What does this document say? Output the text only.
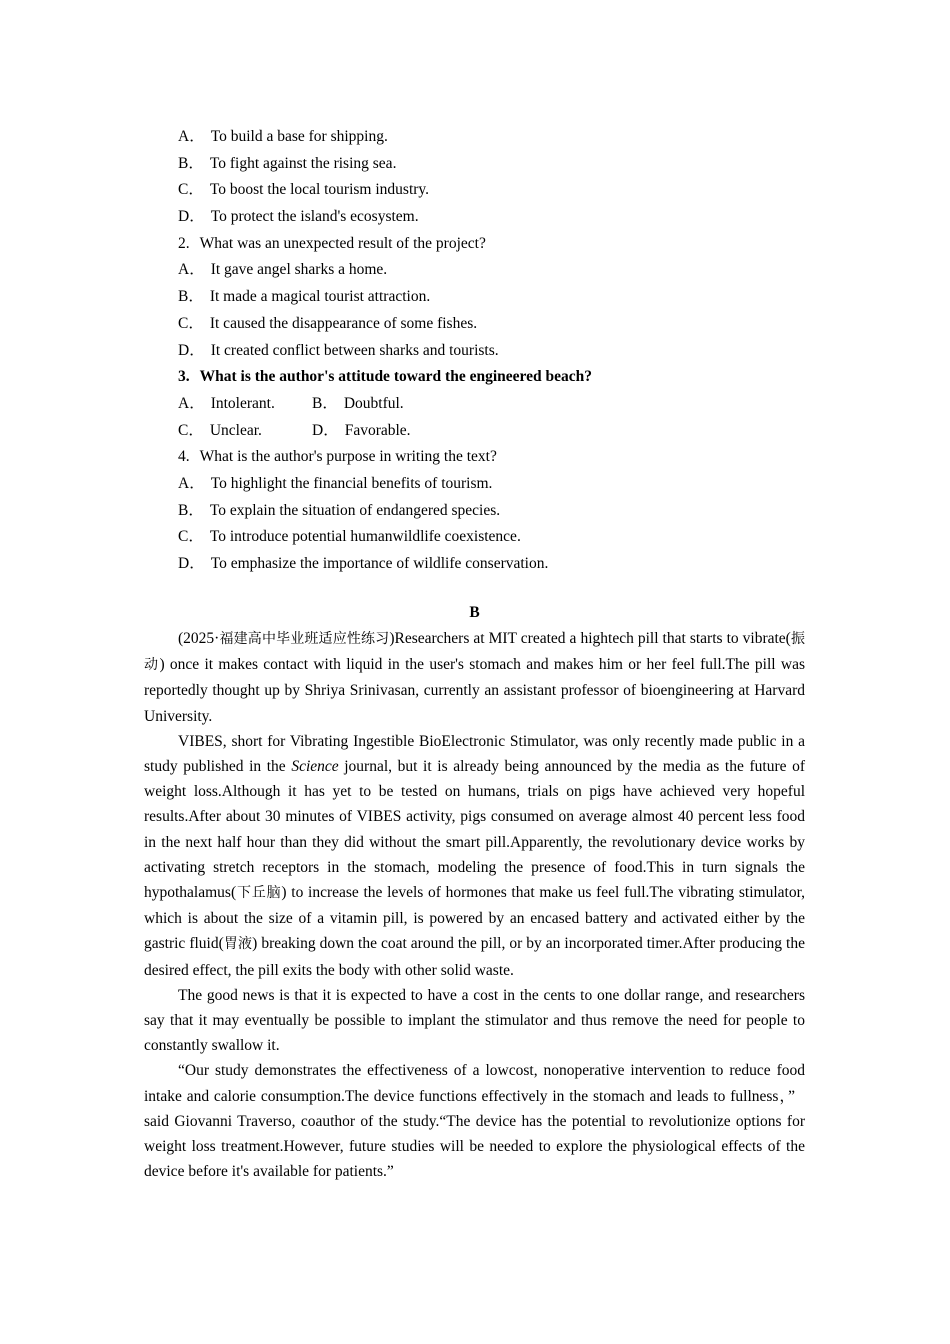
A． To build a base for shipping.
B． To fight against the rising sea.
C． To boost the local tourism industry.
D． To protect the island's ecosystem.
2. What was an unexpected result of the project?
A． It gave angel sharks a home.
B． It made a magical tourist attraction.
C． It caused the disappearance of some fishes.
D． It created conflict between sharks and tourists.
3. What is the author's attitude toward the engineered beach?
A． Intolerant. B． Doubtful.
C． Unclear.	D． Favorable.
4. What is the author's purpose in writing the text?
A． To highlight the financial benefits of tourism.
B． To explain the situation of endangered species.
C． To introduce potential humanwildlife coexistence.
D． To emphasize the importance of wildlife conservation.
B

(2025·福建高中毕业班适应性练习)Researchers at MIT created a hightech pill that starts to vibrate(振动) once it makes contact with liquid in the user's stomach and makes him or her feel full.The pill was reportedly thought up by Shriya Srinivasan, currently an assistant professor of bioengineering at Harvard University.

VIBES, short for Vibrating Ingestible BioElectronic Stimulator, was only recently made public in a study published in the Science journal, but it is already being announced by the media as the future of weight loss.Although it has yet to be tested on humans, trials on pigs have achieved very hopeful results.After about 30 minutes of VIBES activity, pigs consumed on average almost 40 percent less food in the next half hour than they did without the smart pill.Apparently, the revolutionary device works by activating stretch receptors in the stomach, modeling the presence of food.This in turn signals the hypothalamus(下丘脑) to increase the levels of hormones that make us feel full.The vibrating stimulator, which is about the size of a vitamin pill, is powered by an encased battery and activated either by the gastric fluid(胃液) breaking down the coat around the pill, or by an incorporated timer.After producing the desired effect, the pill exits the body with other solid waste.

The good news is that it is expected to have a cost in the cents to one dollar range, and researchers say that it may eventually be possible to implant the stimulator and thus remove the need for people to constantly swallow it.

“Our study demonstrates the effectiveness of a lowcost, nonoperative intervention to reduce food intake and calorie consumption.The device functions effectively in the stomach and leads to fullness，” said Giovanni Traverso, coauthor of the study.“The device has the potential to revolutionize options for weight loss treatment.However, future studies will be needed to explore the physiological effects of the device before it's available for patients.”
